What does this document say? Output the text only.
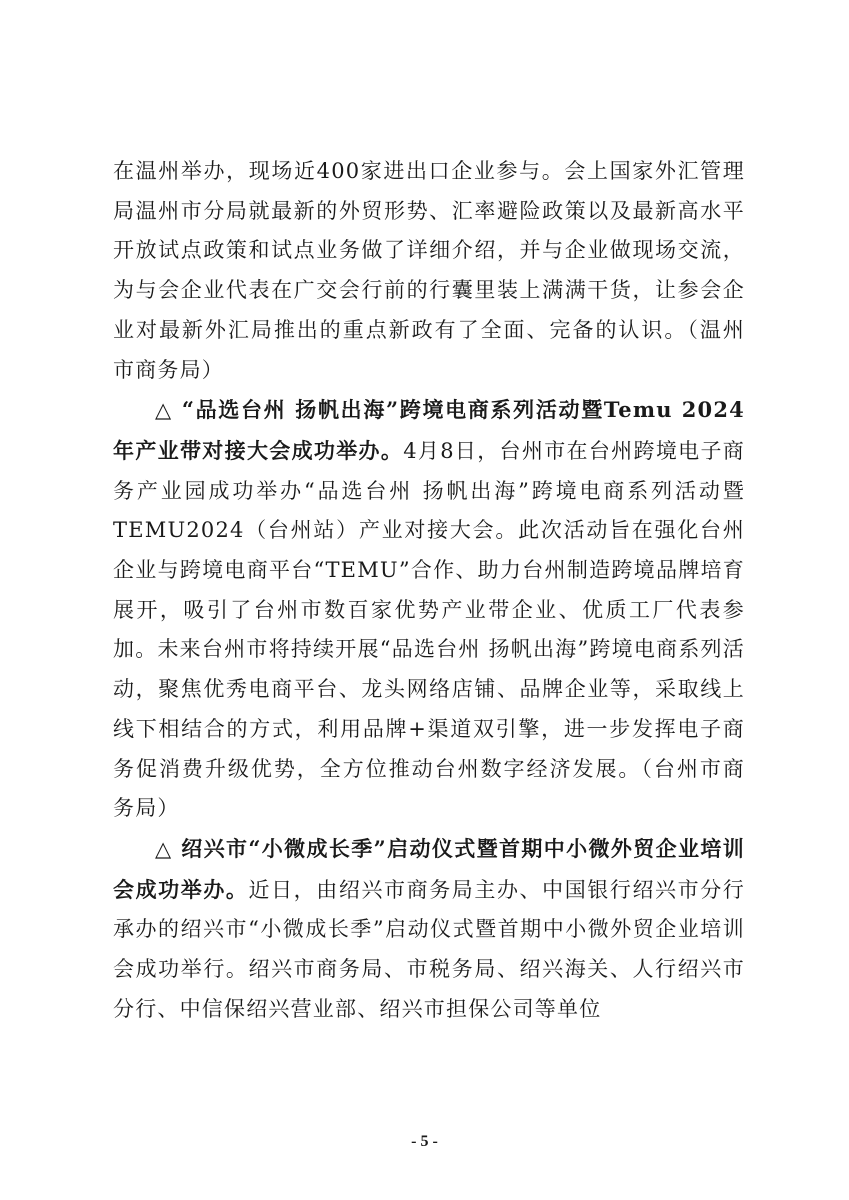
在温州举办，现场近400家进出口企业参与。会上国家外汇管理局温州市分局就最新的外贸形势、汇率避险政策以及最新高水平开放试点政策和试点业务做了详细介绍，并与企业做现场交流，为与会企业代表在广交会行前的行囊里装上满满干货，让参会企业对最新外汇局推出的重点新政有了全面、完备的认识。（温州市商务局）

△ “品选台州 扬帆出海”跨境电商系列活动暨Temu 2024年产业带对接大会成功举办。4月8日，台州市在台州跨境电子商务产业园成功举办“品选台州 扬帆出海”跨境电商系列活动暨TEMU2024（台州站）产业对接大会。此次活动旨在强化台州企业与跨境电商平台“TEMU”合作、助力台州制造跨境品牌培育展开，吸引了台州市数百家优势产业带企业、优质工厂代表参加。未来台州市将持续开展“品选台州 扬帆出海”跨境电商系列活动，聚焦优秀电商平台、龙头网络店铺、品牌企业等，采取线上线下相结合的方式，利用品牌+渠道双引擎，进一步发挥电子商务促消费升级优势，全方位推动台州数字经济发展。（台州市商务局）

△ 绍兴市“小微成长季”启动仪式暨首期中小微外贸企业培训会成功举办。近日，由绍兴市商务局主办、中国银行绍兴市分行承办的绍兴市“小微成长季”启动仪式暨首期中小微外贸企业培训会成功举行。绍兴市商务局、市税务局、绍兴海关、人行绍兴市分行、中信保绍兴营业部、绍兴市担保公司等单位

- 5 -
